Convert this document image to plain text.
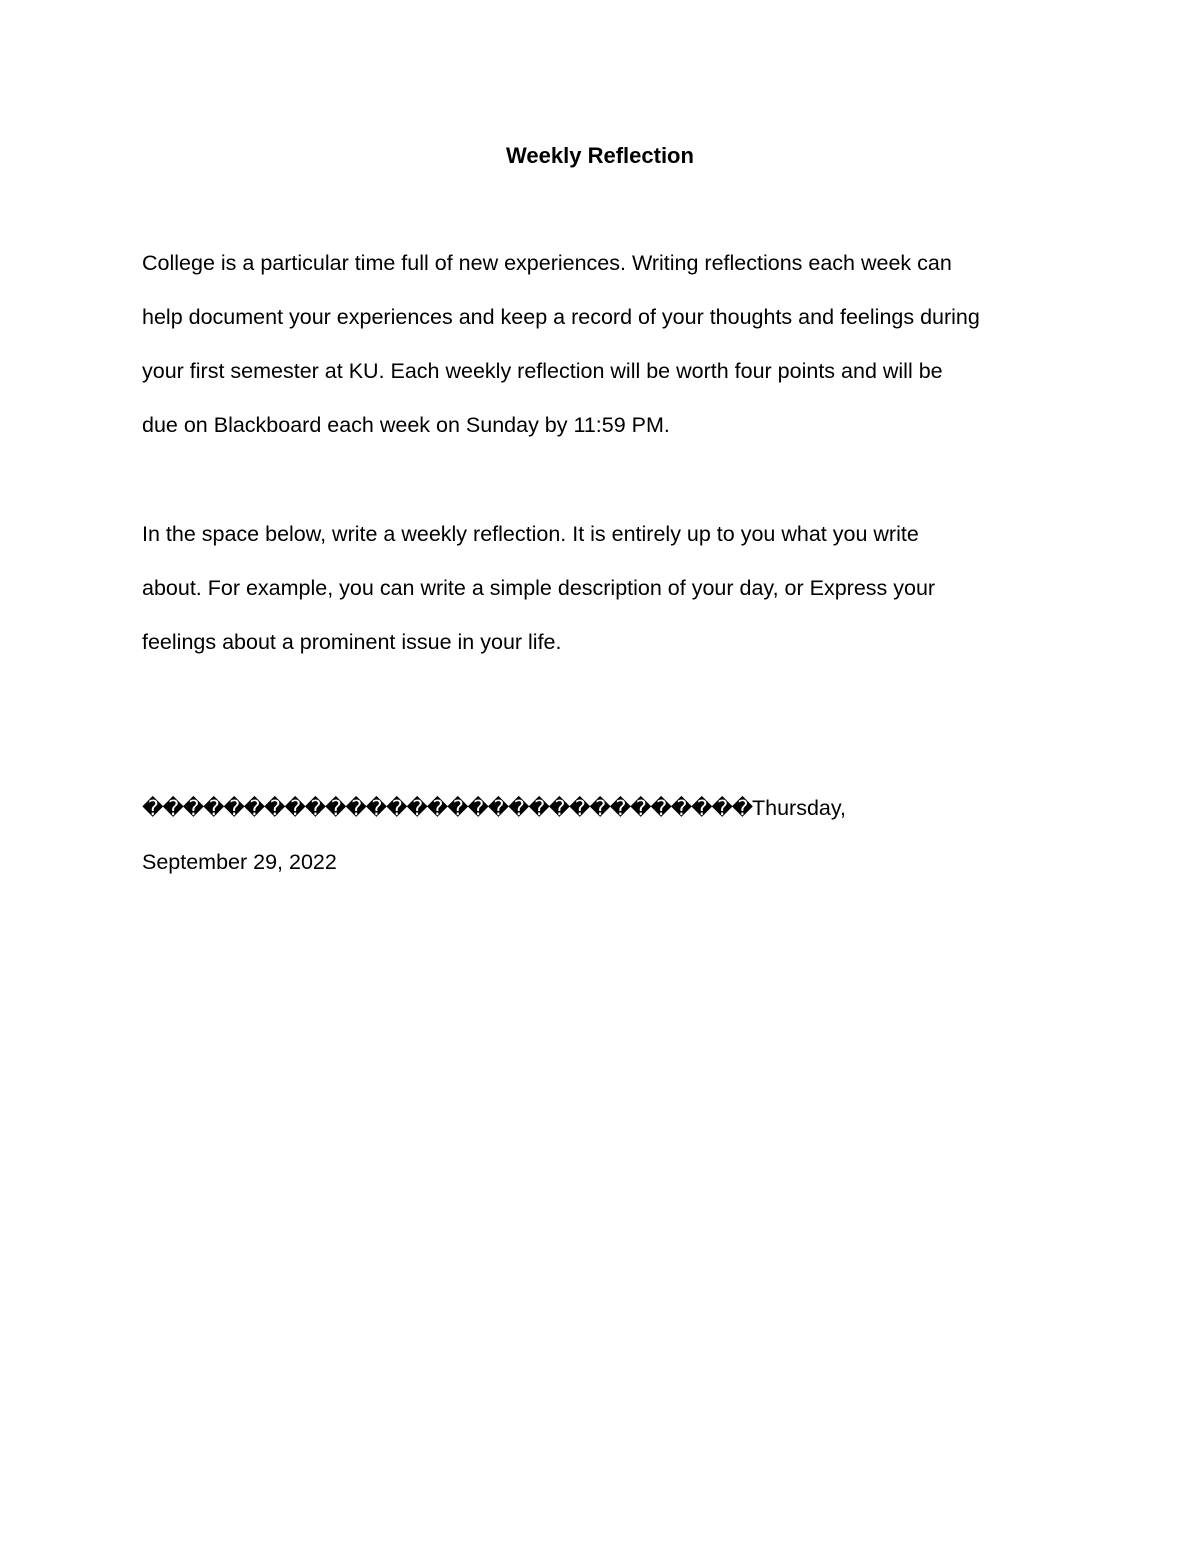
Weekly Reflection

College is a particular time full of new experiences. Writing reflections each week can
help document your experiences and keep a record of your thoughts and feelings during
your first semester at KU. Each weekly reflection will be worth four points and will be
due on Blackboard each week on Sunday by 11:59 PM.

In the space below, write a weekly reflection. It is entirely up to you what you write
about. For example, you can write a simple description of your day, or Express your
feelings about a prominent issue in your life.

������������������������������Thursday,
September 29, 2022
